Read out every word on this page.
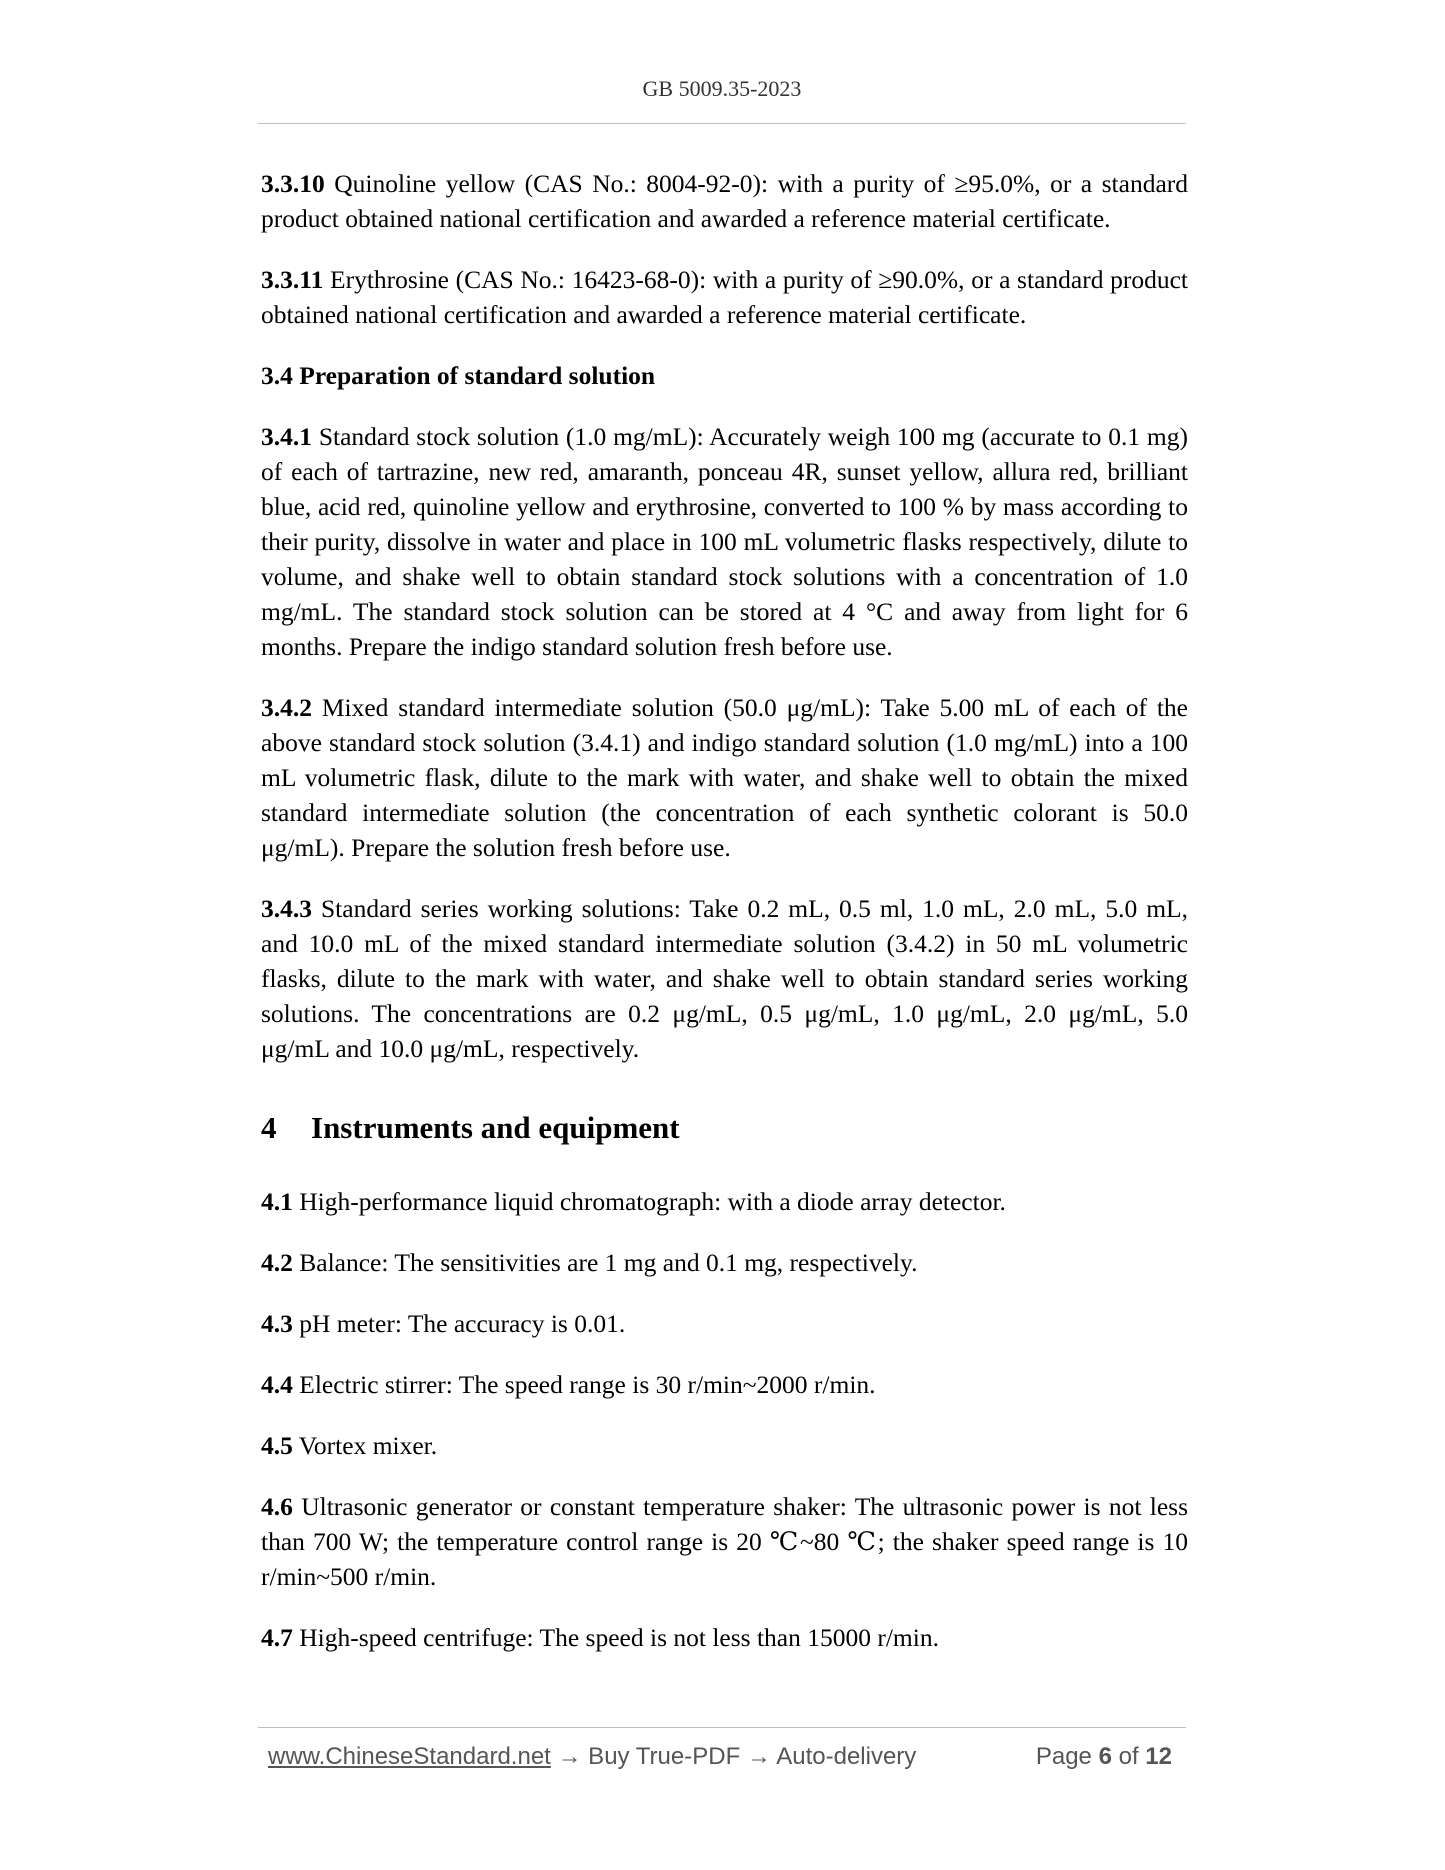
GB 5009.35-2023

3.3.10 Quinoline yellow (CAS No.: 8004-92-0): with a purity of ≥95.0%, or a standard product obtained national certification and awarded a reference material certificate.

3.3.11 Erythrosine (CAS No.: 16423-68-0): with a purity of ≥90.0%, or a standard product obtained national certification and awarded a reference material certificate.

3.4 Preparation of standard solution

3.4.1 Standard stock solution (1.0 mg/mL): Accurately weigh 100 mg (accurate to 0.1 mg) of each of tartrazine, new red, amaranth, ponceau 4R, sunset yellow, allura red, brilliant blue, acid red, quinoline yellow and erythrosine, converted to 100 % by mass according to their purity, dissolve in water and place in 100 mL volumetric flasks respectively, dilute to volume, and shake well to obtain standard stock solutions with a concentration of 1.0 mg/mL. The standard stock solution can be stored at 4 °C and away from light for 6 months. Prepare the indigo standard solution fresh before use.

3.4.2 Mixed standard intermediate solution (50.0 μg/mL): Take 5.00 mL of each of the above standard stock solution (3.4.1) and indigo standard solution (1.0 mg/mL) into a 100 mL volumetric flask, dilute to the mark with water, and shake well to obtain the mixed standard intermediate solution (the concentration of each synthetic colorant is 50.0 μg/mL). Prepare the solution fresh before use.

3.4.3 Standard series working solutions: Take 0.2 mL, 0.5 ml, 1.0 mL, 2.0 mL, 5.0 mL, and 10.0 mL of the mixed standard intermediate solution (3.4.2) in 50 mL volumetric flasks, dilute to the mark with water, and shake well to obtain standard series working solutions. The concentrations are 0.2 μg/mL, 0.5 μg/mL, 1.0 μg/mL, 2.0 μg/mL, 5.0 μg/mL and 10.0 μg/mL, respectively.

4 Instruments and equipment

4.1 High-performance liquid chromatograph: with a diode array detector.

4.2 Balance: The sensitivities are 1 mg and 0.1 mg, respectively.

4.3 pH meter: The accuracy is 0.01.

4.4 Electric stirrer: The speed range is 30 r/min~2000 r/min.

4.5 Vortex mixer.

4.6 Ultrasonic generator or constant temperature shaker: The ultrasonic power is not less than 700 W; the temperature control range is 20 ℃~80 ℃; the shaker speed range is 10 r/min~500 r/min.

4.7 High-speed centrifuge: The speed is not less than 15000 r/min.

www.ChineseStandard.net → Buy True-PDF → Auto-delivery	Page 6 of 12
